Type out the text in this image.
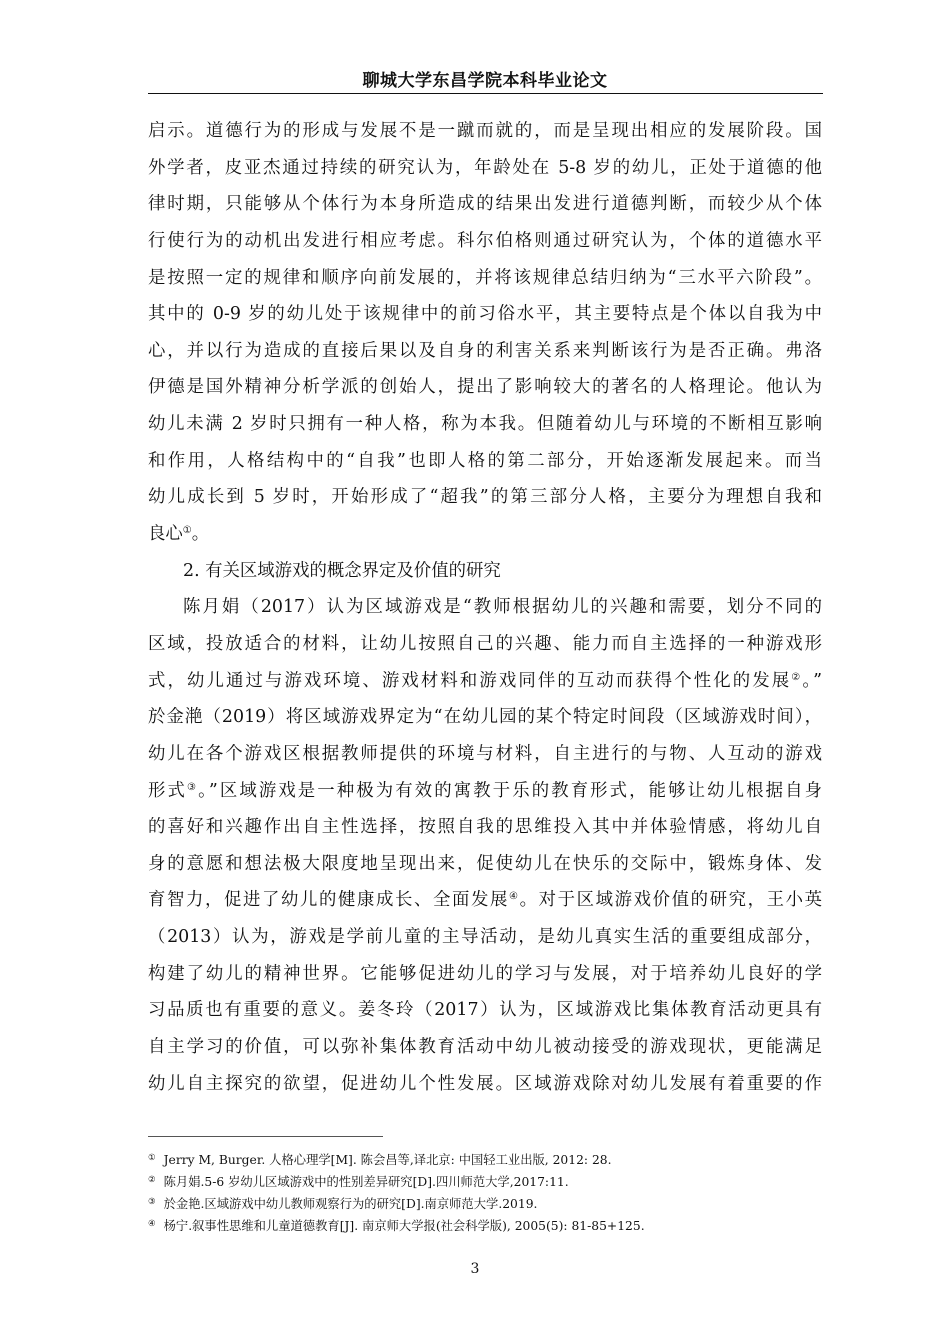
聊城大学东昌学院本科毕业论文
启示。道德行为的形成与发展不是一蹴而就的，而是呈现出相应的发展阶段。国
外学者，皮亚杰通过持续的研究认为，年龄处在 5-8 岁的幼儿，正处于道德的他
律时期，只能够从个体行为本身所造成的结果出发进行道德判断，而较少从个体
行使行为的动机出发进行相应考虑。科尔伯格则通过研究认为，个体的道德水平
是按照一定的规律和顺序向前发展的，并将该规律总结归纳为“三水平六阶段”。
其中的 0-9 岁的幼儿处于该规律中的前习俗水平，其主要特点是个体以自我为中
心，并以行为造成的直接后果以及自身的利害关系来判断该行为是否正确。弗洛
伊德是国外精神分析学派的创始人，提出了影响较大的著名的人格理论。他认为
幼儿未满 2 岁时只拥有一种人格，称为本我。但随着幼儿与环境的不断相互影响
和作用，人格结构中的“自我”也即人格的第二部分，开始逐渐发展起来。而当
幼儿成长到 5 岁时，开始形成了“超我”的第三部分人格，主要分为理想自我和
良心①。
2. 有关区域游戏的概念界定及价值的研究
陈月娟（2017）认为区域游戏是“教师根据幼儿的兴趣和需要，划分不同的
区域，投放适合的材料，让幼儿按照自己的兴趣、能力而自主选择的一种游戏形
式，幼儿通过与游戏环境、游戏材料和游戏同伴的互动而获得个性化的发展②。”
於金滟（2019）将区域游戏界定为“在幼儿园的某个特定时间段（区域游戏时间），
幼儿在各个游戏区根据教师提供的环境与材料，自主进行的与物、人互动的游戏
形式③。”区域游戏是一种极为有效的寓教于乐的教育形式，能够让幼儿根据自身
的喜好和兴趣作出自主性选择，按照自我的思维投入其中并体验情感，将幼儿自
身的意愿和想法极大限度地呈现出来，促使幼儿在快乐的交际中，锻炼身体、发
育智力，促进了幼儿的健康成长、全面发展④。对于区域游戏价值的研究，王小英
（2013）认为，游戏是学前儿童的主导活动，是幼儿真实生活的重要组成部分，
构建了幼儿的精神世界。它能够促进幼儿的学习与发展，对于培养幼儿良好的学
习品质也有重要的意义。姜冬玲（2017）认为，区域游戏比集体教育活动更具有
自主学习的价值，可以弥补集体教育活动中幼儿被动接受的游戏现状，更能满足
幼儿自主探究的欲望，促进幼儿个性发展。区域游戏除对幼儿发展有着重要的作
① Jerry M, Burger. 人格心理学[M]. 陈会昌等,译北京: 中国轻工业出版, 2012: 28.
② 陈月娟.5-6 岁幼儿区域游戏中的性别差异研究[D].四川师范大学,2017:11.
③ 於金艳.区域游戏中幼儿教师观察行为的研究[D].南京师范大学.2019.
④ 杨宁.叙事性思维和儿童道德教育[J]. 南京师大学报(社会科学版), 2005(5): 81-85+125.
3
